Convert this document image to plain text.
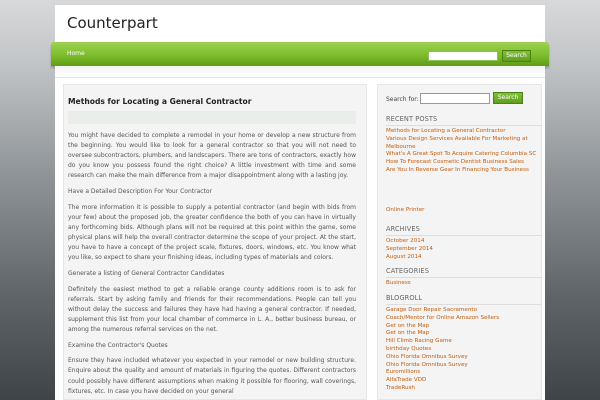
Counterpart
Home	Search
Methods for Locating a General Contractor

You might have decided to complete a remodel in your home or develop a new structure from the beginning. You would like to look for a general contractor so that you will not need to oversee subcontractors, plumbers, and landscapers. There are tons of contractors, exactly how do you know you possess found the right choice? A little investment with time and some research can make the main difference from a major disappointment along with a lasting joy.

Have a Detailed Description For Your Contractor

The more information it is possible to supply a potential contractor (and begin with bids from your few) about the proposed job, the greater confidence the both of you can have in virtually any forthcoming bids. Although plans will not be required at this point within the game, some physical plans will help the overall contractor determine the scope of your project. At the start, you have to have a concept of the project scale, fixtures, doors, windows, etc. You know what you like, so expect to share your finishing ideas, including types of materials and colors.

Generate a listing of General Contractor Candidates

Definitely the easiest method to get a reliable orange county additions room is to ask for referrals. Start by asking family and friends for their recommendations. People can tell you without delay the success and failures they have had having a general contractor. If needed, supplement this list from your local chamber of commerce in L. A., better business bureau, or among the numerous referral services on the net.

Examine the Contractor's Quotes

Ensure they have included whatever you expected in your remodel or new building structure. Enquire about the quality and amount of materials in figuring the quotes. Different contractors could possibly have different assumptions when making it possible for flooring, wall coverings, fixtures, etc. In case you have decided on your general

Search for:	Search
RECENT POSTS
Methods for Locating a General Contractor
Various Design Services Available For Marketing at Melbourne
What's A Great Spot To Acquire Catering Columbia SC
How To Forecast Cosmetic Dentist Business Sales
Are You In Reverse Gear In Financing Your Business
Online Printer
ARCHIVES
October 2014
September 2014
August 2014
CATEGORIES
Business
BLOGROLL
Garage Door Repair Sacramento
Coach/Mentor for Online Amazon Sellers
Get on the Map
Get on the Map
Hill Climb Racing Game
birthday Quotes
Ohio Florida Omnibus Survey
Ohio Florida Omnibus Survey
Euromillions
AlfaTrade VDD
TradeRush
